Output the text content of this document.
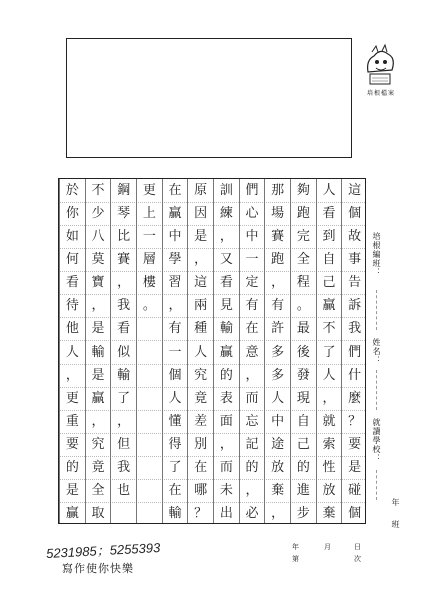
培根檔案
這
個
故
事
告
訴
我
們
什
麼
？
要
是
碰
個
人
看
到
自
己
贏
不
了
人
，
就
索
性
放
棄
夠
跑
完
全
程
。
最
後
發
現
自
己
的
進
步
那
場
賽
跑
，
有
許
多
多
人
中
途
放
棄
，
們
心
中
一
定
有
在
意
，
而
忘
記
的
，
必
訓
練
，
又
看
見
輸
贏
的
表
面
，
而
未
出
原
因
是
，
這
兩
種
人
究
竟
差
別
在
哪
？
在
贏
中
學
習
，
有
一
個
人
懂
得
了
在
輸
更
上
一
層
樓
。
鋼
琴
比
賽
，
我
看
似
輸
了
，
但
我
也
不
少
八
莫
寶
，
是
輸
是
贏
，
究
竟
全
取
於
你
如
何
看
待
他
人
，
更
重
要
的
是
贏
培根編班：
姓名：
就讀學校：
年
班
年	月	日
第	次
5231985；5255393
寫作使你快樂
